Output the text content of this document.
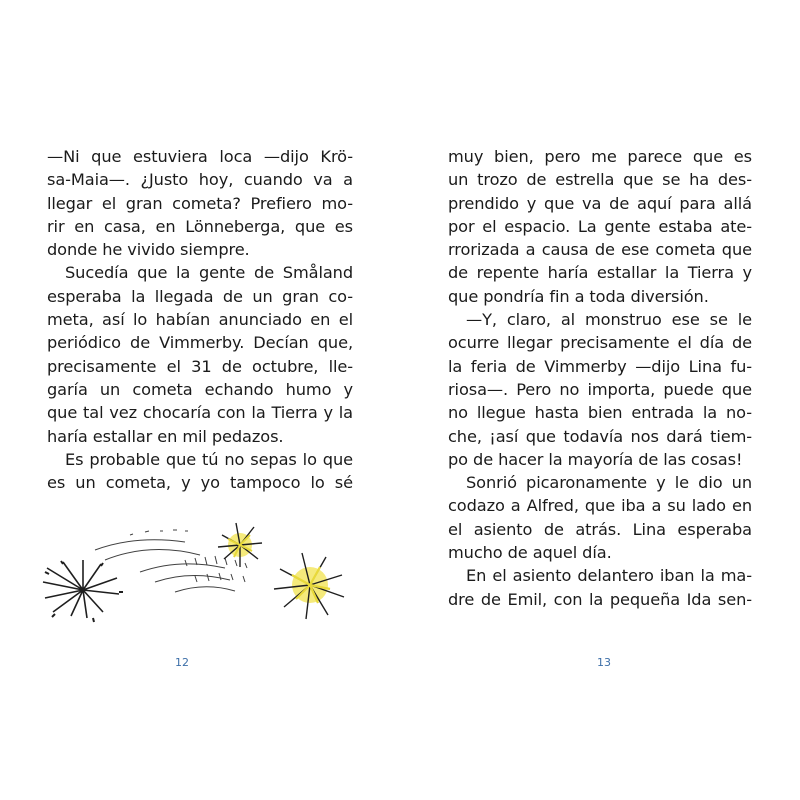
—Ni que estuviera loca —dijo Krö-
sa-Maia—. ¿Justo hoy, cuando va a
llegar el gran cometa? Prefiero mo-
rir en casa, en Lönneberga, que es
donde he vivido siempre.
Sucedía que la gente de Småland
esperaba la llegada de un gran co-
meta, así lo habían anunciado en el
periódico de Vimmerby. Decían que,
precisamente el 31 de octubre, lle-
garía un cometa echando humo y
que tal vez chocaría con la Tierra y la
haría estallar en mil pedazos.
Es probable que tú no sepas lo que
es un cometa, y yo tampoco lo sé
12
muy bien, pero me parece que es
un trozo de estrella que se ha des-
prendido y que va de aquí para allá
por el espacio. La gente estaba ate-
rrorizada a causa de ese cometa que
de repente haría estallar la Tierra y
que pondría fin a toda diversión.
—Y, claro, al monstruo ese se le
ocurre llegar precisamente el día de
la feria de Vimmerby —dijo Lina fu-
riosa—. Pero no importa, puede que
no llegue hasta bien entrada la no-
che, ¡así que todavía nos dará tiem-
po de hacer la mayoría de las cosas!
Sonrió picaronamente y le dio un
codazo a Alfred, que iba a su lado en
el asiento de atrás. Lina esperaba
mucho de aquel día.
En el asiento delantero iban la ma-
dre de Emil, con la pequeña Ida sen-
13
